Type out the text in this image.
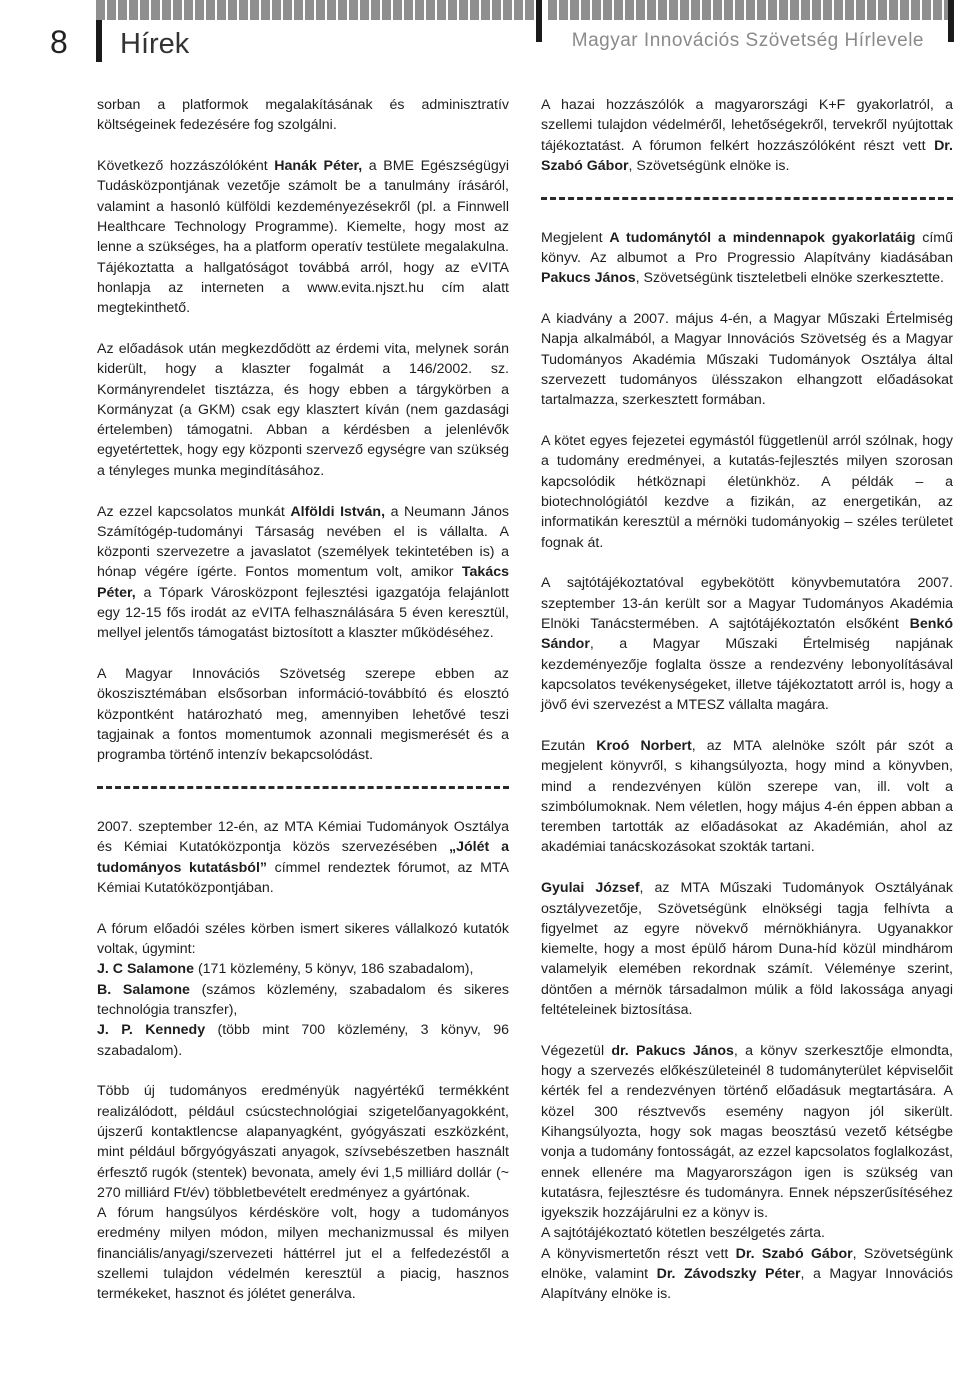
8 Hírek	Magyar Innovációs Szövetség Hírlevele

sorban a platformok megalakításának és adminisztratív költségeinek fedezésére fog szolgálni.

Következő hozzászólóként Hanák Péter, a BME Egészségügyi Tudásközpontjának vezetője számolt be a tanulmány írásáról, valamint a hasonló külföldi kezdeményezésekről (pl. a Finnwell Healthcare Technology Programme). Kiemelte, hogy most az lenne a szükséges, ha a platform operatív testülete megalakulna. Tájékoztatta a hallgatóságot továbbá arról, hogy az eVITA honlapja az interneten a www.evita.njszt.hu cím alatt megtekinthető.

Az előadások után megkezdődött az érdemi vita, melynek során kiderült, hogy a klaszter fogalmát a 146/2002. sz. Kormányrendelet tisztázza, és hogy ebben a tárgykörben a Kormányzat (a GKM) csak egy klasztert kíván (nem gazdasági értelemben) támogatni. Abban a kérdésben a jelenlévők egyetértettek, hogy egy központi szervező egységre van szükség a tényleges munka megindításához.

Az ezzel kapcsolatos munkát Alföldi István, a Neumann János Számítógép-tudományi Társaság nevében el is vállalta. A központi szervezetre a javaslatot (személyek tekintetében is) a hónap végére ígérte. Fontos momentum volt, amikor Takács Péter, a Tópark Városközpont fejlesztési igazgatója felajánlott egy 12-15 fős irodát az eVITA felhasználására 5 éven keresztül, mellyel jelentős támogatást biztosított a klaszter működéséhez.

A Magyar Innovációs Szövetség szerepe ebben az ökoszisztémában elsősorban információ-továbbító és elosztó központként határozható meg, amennyiben lehetővé teszi tagjainak a fontos momentumok azonnali megismerését és a programba történő intenzív bekapcsolódást.

2007. szeptember 12-én, az MTA Kémiai Tudományok Osztálya és Kémiai Kutatóközpontja közös szervezésében „Jólét a tudományos kutatásból” címmel rendeztek fórumot, az MTA Kémiai Kutatóközpontjában.

A fórum előadói széles körben ismert sikeres vállalkozó kutatók voltak, úgymint:
J. C Salamone (171 közlemény, 5 könyv, 186 szabadalom),
B. Salamone (számos közlemény, szabadalom és sikeres technológia transzfer),
J. P. Kennedy (több mint 700 közlemény, 3 könyv, 96 szabadalom).

Több új tudományos eredményük nagyértékű termékként realizálódott, például csúcstechnológiai szigetelőanyagokként, újszerű kontaktlencse alapanyagként, gyógyászati eszközként, mint például bőrgyógyászati anyagok, szívsebészetben használt érfesztő rugók (stentek) bevonata, amely évi 1,5 milliárd dollár (~ 270 milliárd Ft/év) többletbevételt eredményez a gyártónak.
A fórum hangsúlyos kérdésköre volt, hogy a tudományos eredmény milyen módon, milyen mechanizmussal és milyen financiális/anyagi/szervezeti háttérrel jut el a felfedezéstől a szellemi tulajdon védelmén keresztül a piacig, hasznos termékeket, hasznot és jólétet generálva.

A hazai hozzászólók a magyarországi K+F gyakorlatról, a szellemi tulajdon védelméről, lehetőségekről, tervekről nyújtottak tájékoztatást. A fórumon felkért hozzászólóként részt vett Dr. Szabó Gábor, Szövetségünk elnöke is.

Megjelent A tudománytól a mindennapok gyakorlatáig című könyv. Az albumot a Pro Progressio Alapítvány kiadásában Pakucs János, Szövetségünk tiszteletbeli elnöke szerkesztette.

A kiadvány a 2007. május 4-én, a Magyar Műszaki Értelmiség Napja alkalmából, a Magyar Innovációs Szövetség és a Magyar Tudományos Akadémia Műszaki Tudományok Osztálya által szervezett tudományos ülésszakon elhangzott előadásokat tartalmazza, szerkesztett formában.

A kötet egyes fejezetei egymástól függetlenül arról szólnak, hogy a tudomány eredményei, a kutatás-fejlesztés milyen szorosan kapcsolódik hétköznapi életünkhöz. A példák – a biotechnológiától kezdve a fizikán, az energetikán, az informatikán keresztül a mérnöki tudományokig – széles területet fognak át.

A sajtótájékoztatóval egybekötött könyvbemutatóra 2007. szeptember 13-án került sor a Magyar Tudományos Akadémia Elnöki Tanácstermében. A sajtótájékoztatón elsőként Benkó Sándor, a Magyar Műszaki Értelmiség napjának kezdeményezője foglalta össze a rendezvény lebonyolításával kapcsolatos tevékenységeket, illetve tájékoztatott arról is, hogy a jövő évi szervezést a MTESZ vállalta magára.

Ezután Kroó Norbert, az MTA alelnöke szólt pár szót a megjelent könyvről, s kihangsúlyozta, hogy mind a könyvben, mind a rendezvényen külön szerepe van, ill. volt a szimbólumoknak. Nem véletlen, hogy május 4-én éppen abban a teremben tartották az előadásokat az Akadémián, ahol az akadémiai tanácskozásokat szokták tartani.

Gyulai József, az MTA Műszaki Tudományok Osztályának osztályvezetője, Szövetségünk elnökségi tagja felhívta a figyelmet az egyre növekvő mérnökhiányra. Ugyanakkor kiemelte, hogy a most épülő három Duna-híd közül mindhárom valamelyik elemében rekordnak számít. Véleménye szerint, döntően a mérnök társadalmon múlik a föld lakossága anyagi feltételeinek biztosítása.

Végezetül dr. Pakucs János, a könyv szerkesztője elmondta, hogy a szervezés előkészületeinél 8 tudományterület képviselőit kérték fel a rendezvényen történő előadásuk megtartására. A közel 300 résztvevős esemény nagyon jól sikerült. Kihangsúlyozta, hogy sok magas beosztású vezető kétségbe vonja a tudomány fontosságát, az ezzel kapcsolatos foglalkozást, ennek ellenére ma Magyarországon igen is szükség van kutatásra, fejlesztésre és tudományra. Ennek népszerűsítéséhez igyekszik hozzájárulni ez a könyv is.
A sajtótájékoztató kötetlen beszélgetés zárta.
A könyvismertetőn részt vett Dr. Szabó Gábor, Szövetségünk elnöke, valamint Dr. Závodszky Péter, a Magyar Innovációs Alapítvány elnöke is.
